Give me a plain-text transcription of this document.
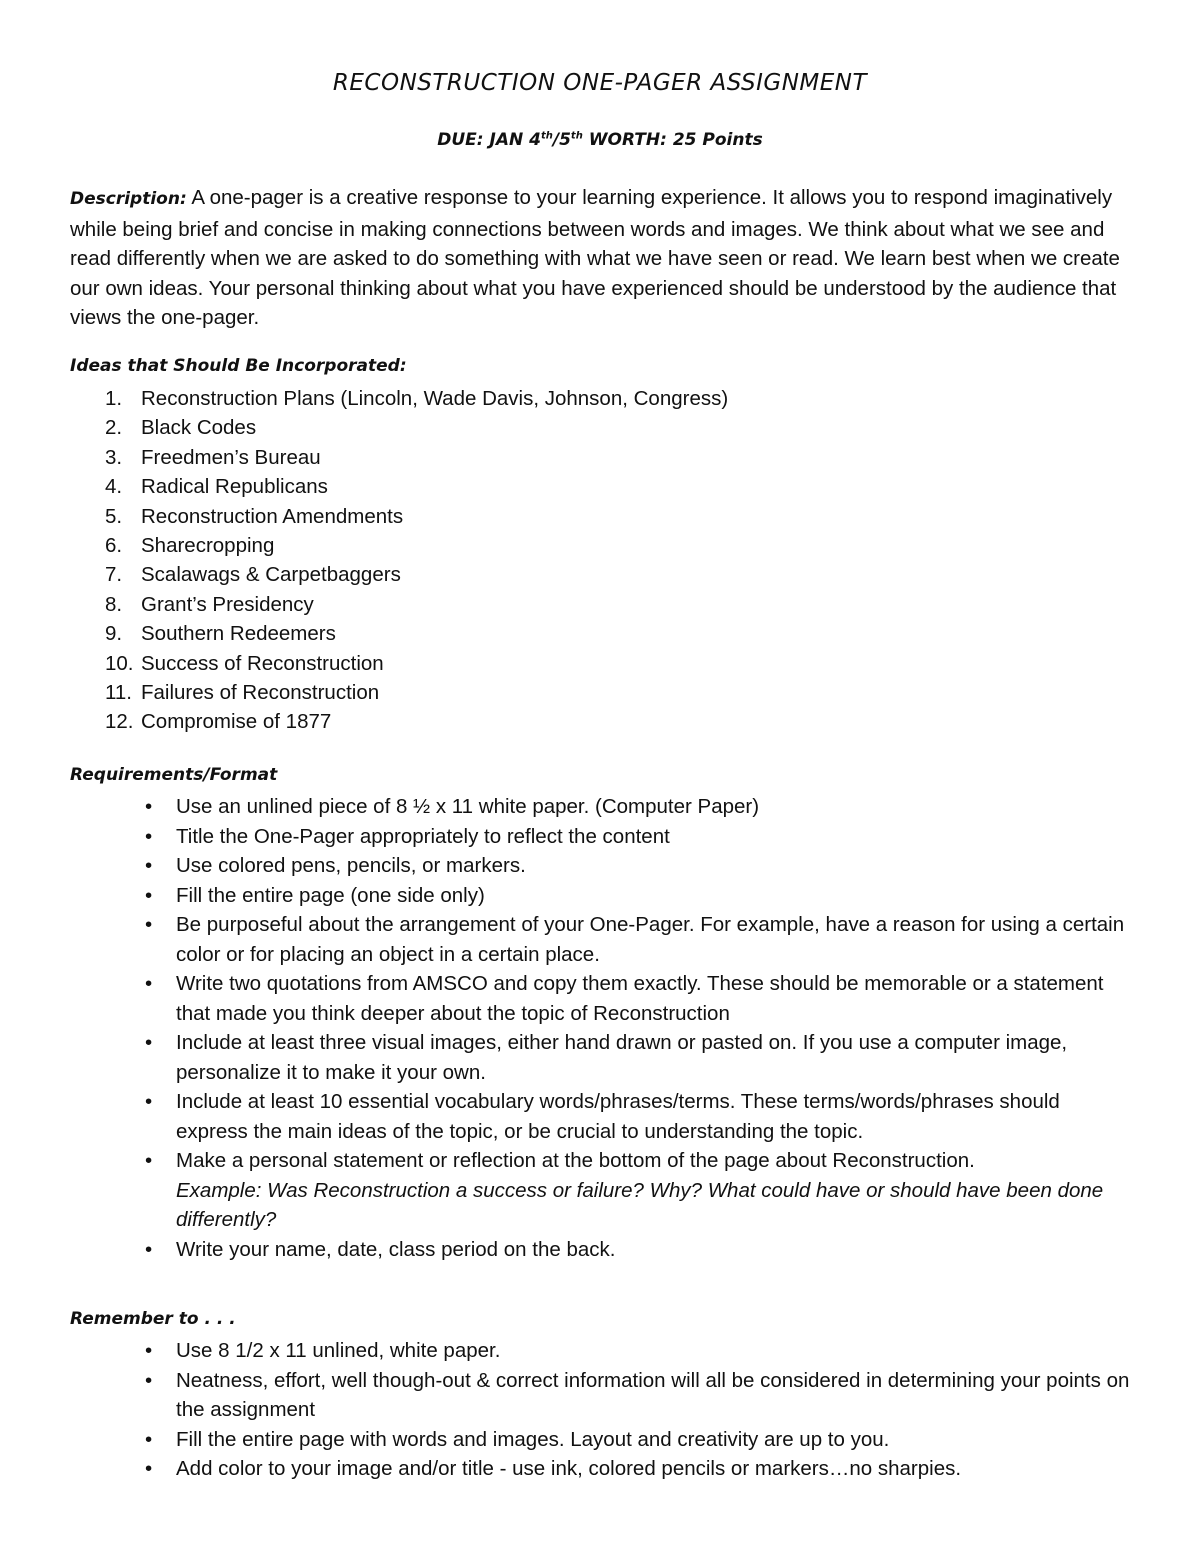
RECONSTRUCTION ONE-PAGER ASSIGNMENT
DUE: JAN 4th/5th WORTH: 25 Points
Description: A one-pager is a creative response to your learning experience. It allows you to respond imaginatively while being brief and concise in making connections between words and images. We think about what we see and read differently when we are asked to do something with what we have seen or read. We learn best when we create our own ideas. Your personal thinking about what you have experienced should be understood by the audience that views the one-pager.
Ideas that Should Be Incorporated:
1. Reconstruction Plans (Lincoln, Wade Davis, Johnson, Congress)
2. Black Codes
3. Freedmen’s Bureau
4. Radical Republicans
5. Reconstruction Amendments
6. Sharecropping
7. Scalawags & Carpetbaggers
8. Grant’s Presidency
9. Southern Redeemers
10. Success of Reconstruction
11. Failures of Reconstruction
12. Compromise of 1877
Requirements/Format
• Use an unlined piece of 8 ½ x 11 white paper. (Computer Paper)
• Title the One-Pager appropriately to reflect the content
• Use colored pens, pencils, or markers.
• Fill the entire page (one side only)
• Be purposeful about the arrangement of your One-Pager. For example, have a reason for using a certain color or for placing an object in a certain place.
• Write two quotations from AMSCO and copy them exactly. These should be memorable or a statement that made you think deeper about the topic of Reconstruction
• Include at least three visual images, either hand drawn or pasted on. If you use a computer image, personalize it to make it your own.
• Include at least 10 essential vocabulary words/phrases/terms. These terms/words/phrases should express the main ideas of the topic, or be crucial to understanding the topic.
• Make a personal statement or reflection at the bottom of the page about Reconstruction.
Example: Was Reconstruction a success or failure? Why? What could have or should have been done differently?
• Write your name, date, class period on the back.
Remember to . . .
• Use 8 1/2 x 11 unlined, white paper.
• Neatness, effort, well though-out & correct information will all be considered in determining your points on the assignment
• Fill the entire page with words and images. Layout and creativity are up to you.
• Add color to your image and/or title - use ink, colored pencils or markers…no sharpies.
